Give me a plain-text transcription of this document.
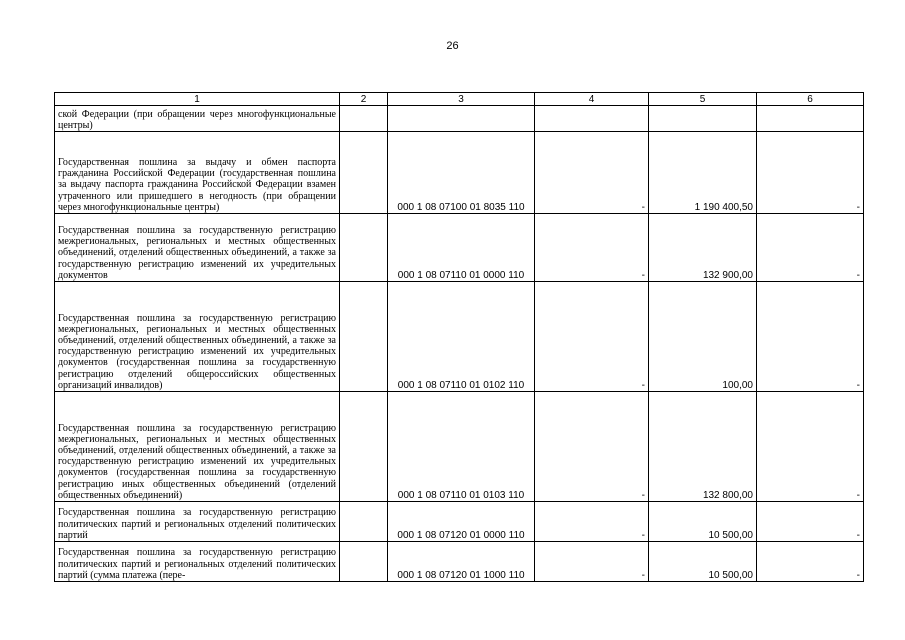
26
1	2	3	4	5	6
ской Федерации (при обращении через многофункциональные центры)					
Государственная пошлина за выдачу и обмен паспорта гражданина Российской Федерации (государственная пошлина за выдачу паспорта гражданина Российской Федерации взамен утраченного или пришедшего в негодность (при обращении через многофункциональные центры)		000 1 08 07100 01 8035 110	-	1 190 400,50	-
Государственная пошлина за государственную регистрацию межрегиональных, региональных и местных общественных объединений, отделений общественных объединений, а также за государственную регистрацию изменений их учредительных документов		000 1 08 07110 01 0000 110	-	132 900,00	-
Государственная пошлина за государственную регистрацию межрегиональных, региональных и местных общественных объединений, отделений общественных объединений, а также за государственную регистрацию изменений их учредительных документов (государственная пошлина за государственную регистрацию отделений общероссийских общественных организаций инвалидов)		000 1 08 07110 01 0102 110	-	100,00	-
Государственная пошлина за государственную регистрацию межрегиональных, региональных и местных общественных объединений, отделений общественных объединений, а также за государственную регистрацию изменений их учредительных документов (государственная пошлина за государственную регистрацию иных общественных объединений (отделений общественных объединений)		000 1 08 07110 01 0103 110	-	132 800,00	-
Государственная пошлина за государственную регистрацию политических партий и региональных отделений политических партий		000 1 08 07120 01 0000 110	-	10 500,00	-
Государственная пошлина за государственную регистрацию политических партий и региональных отделений политических партий (сумма платежа (пере-		000 1 08 07120 01 1000 110	-	10 500,00	-
